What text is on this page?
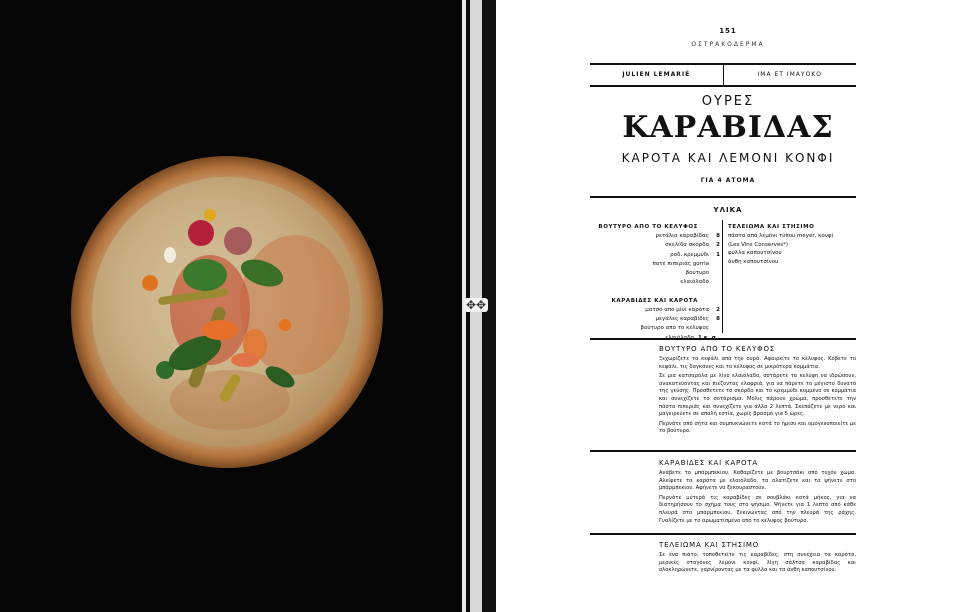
✥✥
151
ΟΣΤΡΑΚΟΔΕΡΜΑ
JULIEN LEMARIÉ	ΙΜΑ ΕΤ ΙΜΑΥΟΚΟ
ΟΥΡΕΣ
ΚΑΡΑΒΙΔΑΣ
ΚΑΡΟΤΑ ΚΑΙ ΛΕΜΟΝΙ ΚΟΝΦΙ
ΓΙΑ 4 ΑΤΟΜΑ
ΥΛΙΚΑ
ΒΟΥΤΥΡΟ ΑΠΟ ΤΟ ΚΕΛΥΦΟΣ
ρετάλια καραβίδας	8
σκελίδα σκόρδο	2
ροδ. κρεμμύδι	1
πατέ πιπεριάς gorria
βούτυρο
ελαιόλαδο
ΚΑΡΑΒΙΔΕΣ ΚΑΙ ΚΑΡΟΤΑ
ματσο από μίνι καρότα	2
μεγάλες καραβίδες	8
βούτυρο από το κέλυφος
ελαιόλαδο 1 κ. σ.
ΤΕΛΕΙΩΜΑ ΚΑΙ ΣΤΗΣΙΜΟ
πάστα από λεμόνι τύπου meyer, κονφί
(Les Vins Conserves*)
φύλλα καπουτσίνου
άνθη καπουτσίνου
ΒΟΥΤΥΡΟ ΑΠΟ ΤΟ ΚΕΛΥΦΟΣ

Ξεχωρίζετε το κεφάλι από την ουρά. Αφαιρείτε το κέλυφος. Κόβετε το κεφάλι, τις δαγκάνες και το κέλυφος σε μικρότερα κομμάτια.

Σε μια κατσαρόλα με λίγο ελαιόλαδο, σοτάρετε τα κελύφη να ιδρώσουν, ανακατεύοντας και πιέζοντας ελαφριά, για να πάρετε το μέγιστο δυνατό της γεύσης. Προσθέτετε το σκόρδο και το κρεμμύδι κομμένο σε κομμάτια και συνεχίζετε το σοτάρισμα. Μόλις πάρουν χρώμα, προσθέτετε την πάστα πιπεριάς και συνεχίζετε για άλλα 2 λεπτά. Σκεπάζετε με νερό και μαγειρεύετε σε απαλή εστία, χωρίς βρασμό για 5 ώρες.

Περνάτε από σήτα και συμπυκνώνετε κατά το ήμισυ και ομογενοποιείτε με το βούτυρο.

ΚΑΡΑΒΙΔΕΣ ΚΑΙ ΚΑΡΟΤΑ

Ανάβετε το μπάρμπεκιου. Καθαρίζετε με βουρτσάκι από τυχόν χώμα. Αλείφετε τα καρότα με ελαιόλαδο, τα αλατίζετε και τα ψήνετε στο μπάρμπεκιου. Αφήνετε να ξεκουραστούν.

Περνάτε μύτερά τις καραβίδες σε σουβλάκι κατά μήκος, για να διατηρήσουν το σχήμα τους στο ψήσιμο. Ψήνετε για 1 λεπτό από κάθε πλευρά στο μπάρμπεκιου, ξεκινώντας από την πλευρά της ράχης. Γυαλίζετε με το αρωματισμένο από το κέλυφος βούτυρο.

ΤΕΛΕΙΩΜΑ ΚΑΙ ΣΤΗΣΙΜΟ

Σε ένα πιάτο, τοποθετείτε τις καραβίδες, στη συνέχεια τα καρότα, μερικές σταγόνες λεμόνι κονφί, λίγη σάλτσα καραβίδας και ολοκληρώνετε, γαρνίροντας με τα φύλλα και τα άνθη καπουτσίνου.
